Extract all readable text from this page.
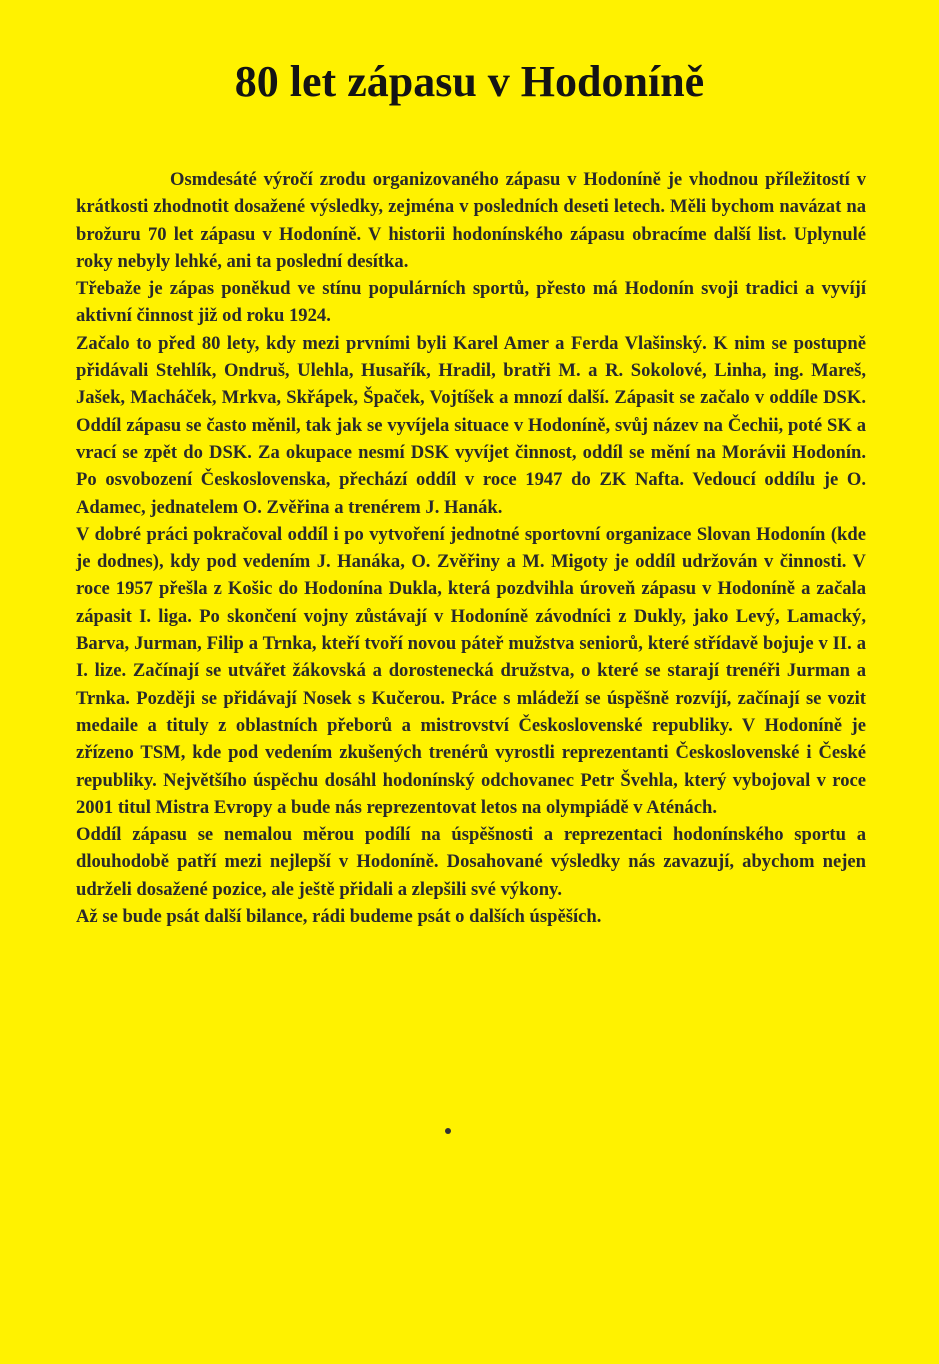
80 let zápasu v Hodoníně

Osmdesáté výročí zrodu organizovaného zápasu v Hodoníně je vhodnou příležitostí v krátkosti zhodnotit dosažené výsledky, zejména v posledních deseti letech. Měli bychom navázat na brožuru 70 let zápasu v Hodoníně. V historii hodonínského zápasu obracíme další list. Uplynulé roky nebyly lehké, ani ta poslední desítka.

Třebaže je zápas poněkud ve stínu populárních sportů, přesto má Hodonín svoji tradici a vyvíjí aktivní činnost již od roku 1924.

Začalo to před 80 lety, kdy mezi prvními byli Karel Amer a Ferda Vlašinský. K nim se postupně přidávali Stehlík, Ondruš, Ulehla, Husařík, Hradil, bratři M. a R. Sokolové, Linha, ing. Mareš, Jašek, Macháček, Mrkva, Skřápek, Špaček, Vojtíšek a mnozí další. Zápasit se začalo v oddíle DSK. Oddíl zápasu se často měnil, tak jak se vyvíjela situace v Hodoníně, svůj název na Čechii, poté SK a vrací se zpět do DSK. Za okupace nesmí DSK vyvíjet činnost, oddíl se mění na Morávii Hodonín. Po osvobození Československa, přechází oddíl v roce 1947 do ZK Nafta. Vedoucí oddílu je O. Adamec, jednatelem O. Zvěřina a trenérem J. Hanák.

V dobré práci pokračoval oddíl i po vytvoření jednotné sportovní organizace Slovan Hodonín (kde je dodnes), kdy pod vedením J. Hanáka, O. Zvěřiny a M. Migoty je oddíl udržován v činnosti. V roce 1957 přešla z Košic do Hodonína Dukla, která pozdvihla úroveň zápasu v Hodoníně a začala zápasit I. liga. Po skončení vojny zůstávají v Hodoníně závodníci z Dukly, jako Levý, Lamacký, Barva, Jurman, Filip a Trnka, kteří tvoří novou páteř mužstva seniorů, které střídavě bojuje v II. a I. lize. Začínají se utvářet žákovská a dorostenecká družstva, o které se starají trenéři Jurman a Trnka. Později se přidávají Nosek s Kučerou. Práce s mládeží se úspěšně rozvíjí, začínají se vozit medaile a tituly z oblastních přeborů a mistrovství Československé republiky. V Hodoníně je zřízeno TSM, kde pod vedením zkušených trenérů vyrostli reprezentanti Československé i České republiky. Největšího úspěchu dosáhl hodonínský odchovanec Petr Švehla, který vybojoval v roce 2001 titul Mistra Evropy a bude nás reprezentovat letos na olympiádě v Aténách.

Oddíl zápasu se nemalou měrou podílí na úspěšnosti a reprezentaci hodonínského sportu a dlouhodobě patří mezi nejlepší v Hodoníně. Dosahované výsledky nás zavazují, abychom nejen udrželi dosažené pozice, ale ještě přidali a zlepšili své výkony.

Až se bude psát další bilance, rádi budeme psát o dalších úspěších.
